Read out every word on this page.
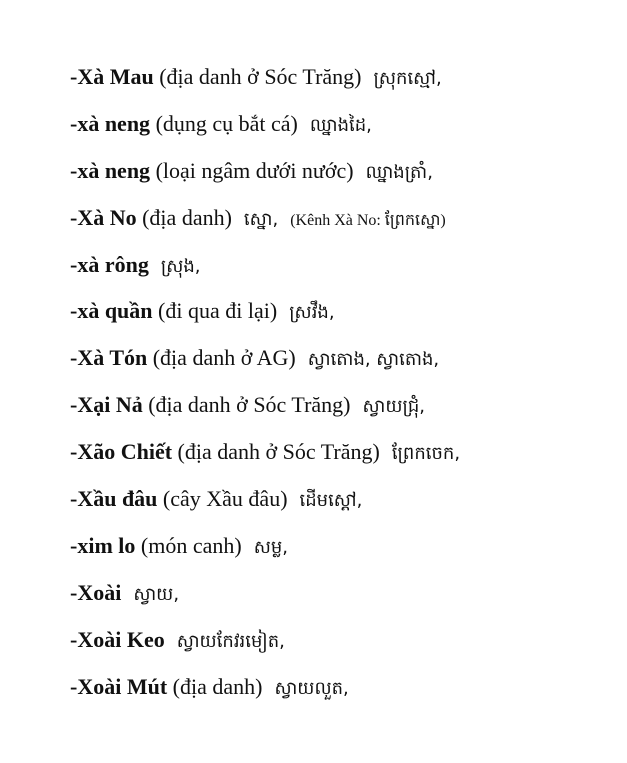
-Xà Mau (địa danh ở Sóc Trăng) ស្រុកស្មៅ,
-xà neng (dụng cụ bắt cá) ឈ្នាងដៃ,
-xà neng (loại ngâm dưới nước) ឈ្នាងត្រាំ,
-Xà No (địa danh) ស្នោ, (Kênh Xà No: ព្រែកស្នោ)
-xà rông ស្រុង,
-xà quần (đi qua đi lại) ស្រវឹង,
-Xà Tón (địa danh ở AG) ស្វាតោង, ស្វាតោង,
-Xại Nả (địa danh ở Sóc Trăng) ស្វាយជ្រុំ,
-Xão Chiết (địa danh ở Sóc Trăng) ព្រែកចេក,
-Xầu đâu (cây Xầu đâu) ដើមស្ដៅ,
-xim lo (món canh) សម្ល,
-Xoài ស្វាយ,
-Xoài Keo ស្វាយកែវរមៀត,
-Xoài Mút (địa danh) ស្វាយលួត,
